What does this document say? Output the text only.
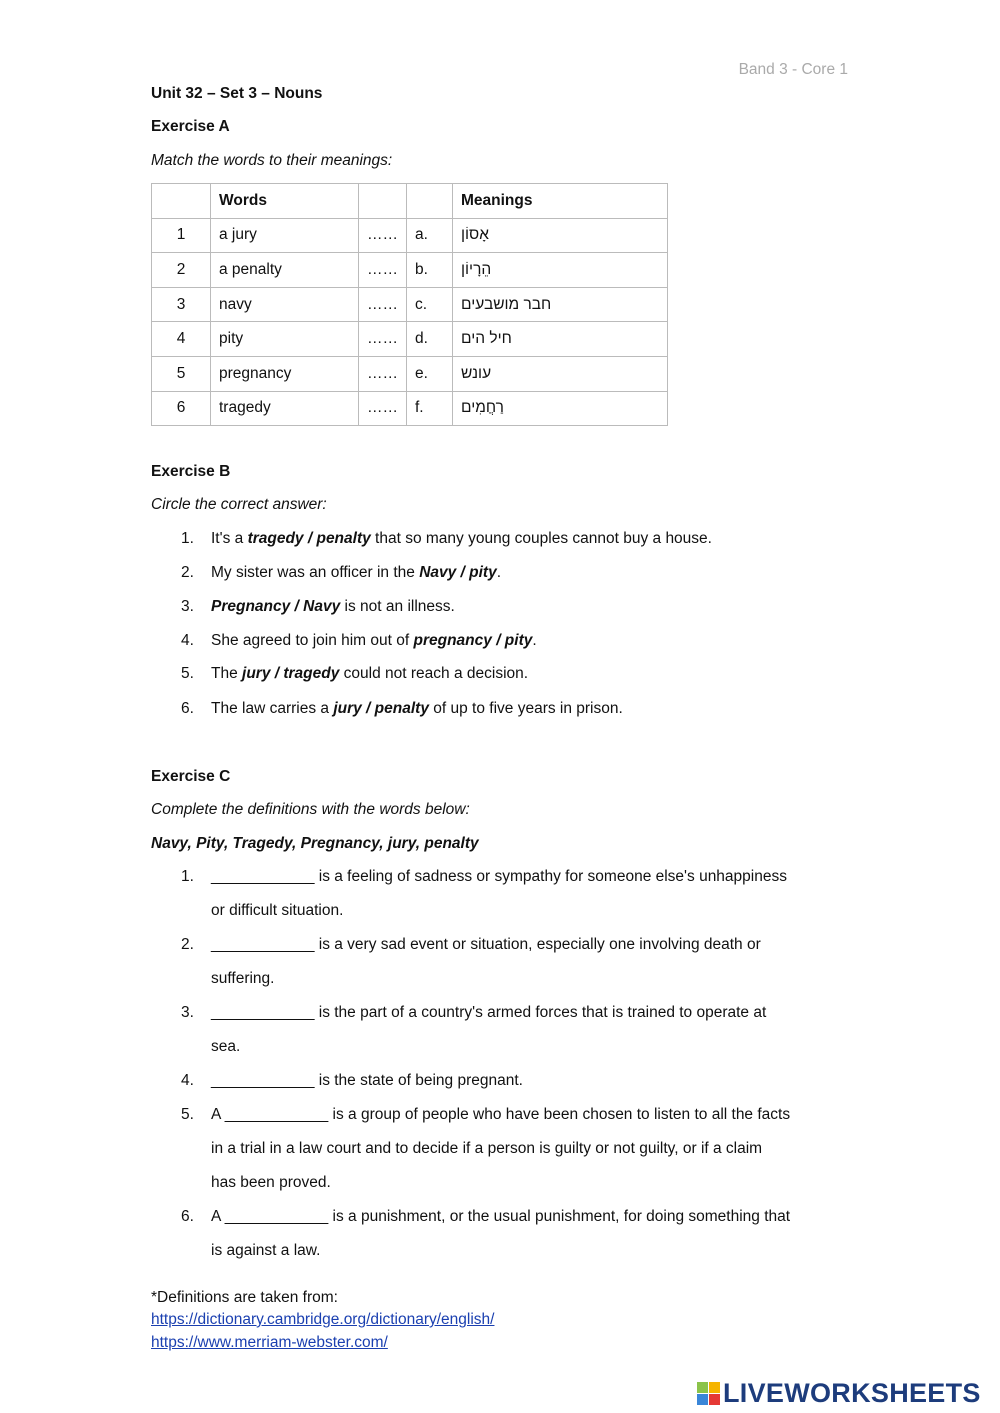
Band 3 - Core 1
Unit 32 – Set 3 – Nouns
Exercise A
Match the words to their meanings:
	Words			Meanings
1	a jury	……	a.	אָסוֹן
2	a penalty	……	b.	הֵרָיוֹן
3	navy	……	c.	חבר מושבעים
4	pity	……	d.	חיל הים
5	pregnancy	……	e.	עונש
6	tragedy	……	f.	רַחֲמִים
Exercise B
Circle the correct answer:
1. It's a tragedy / penalty that so many young couples cannot buy a house.
2. My sister was an officer in the Navy / pity.
3. Pregnancy / Navy is not an illness.
4. She agreed to join him out of pregnancy / pity.
5. The jury / tragedy could not reach a decision.
6. The law carries a jury / penalty of up to five years in prison.
Exercise C
Complete the definitions with the words below:
Navy, Pity, Tragedy, Pregnancy, jury, penalty
1. ____________ is a feeling of sadness or sympathy for someone else's unhappiness
or difficult situation.
2. ____________ is a very sad event or situation, especially one involving death or
suffering.
3. ____________ is the part of a country's armed forces that is trained to operate at
sea.
4. ____________ is the state of being pregnant.
5. A ____________ is a group of people who have been chosen to listen to all the facts
in a trial in a law court and to decide if a person is guilty or not guilty, or if a claim
has been proved.
6. A ____________ is a punishment, or the usual punishment, for doing something that
is against a law.
*Definitions are taken from:
https://dictionary.cambridge.org/dictionary/english/
https://www.merriam-webster.com/
LIVEWORKSHEETS
